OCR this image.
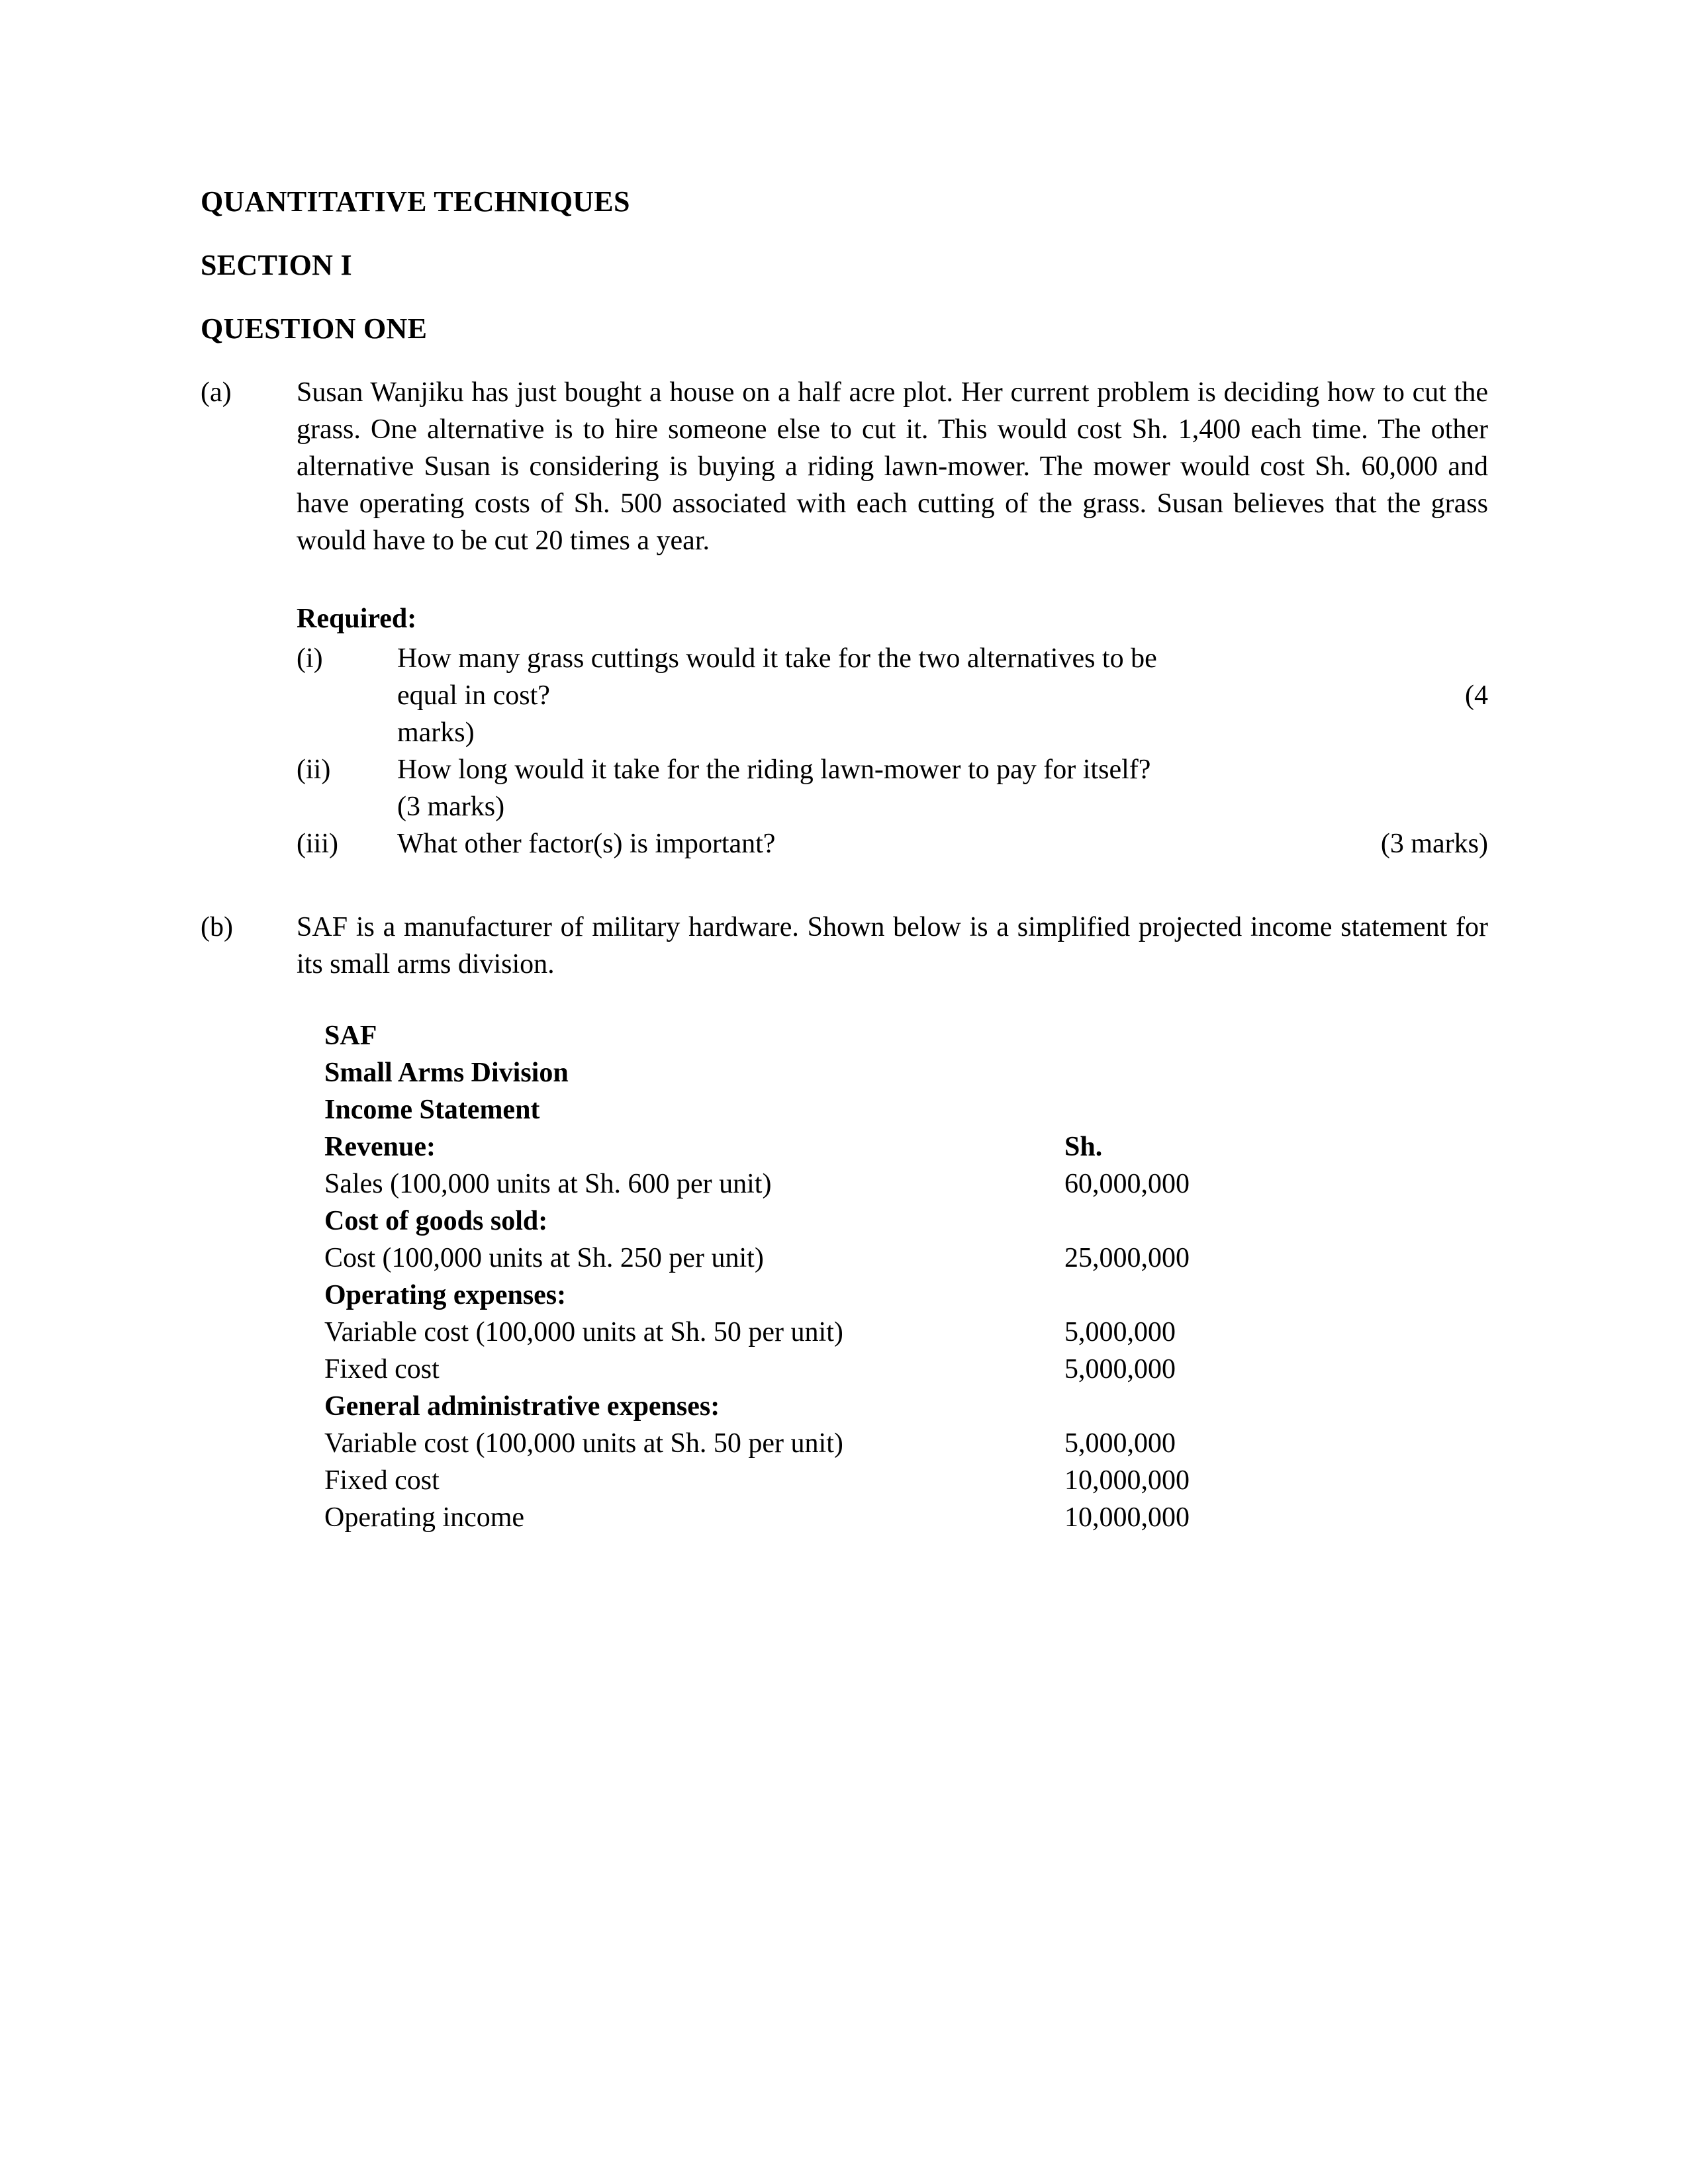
QUANTITATIVE TECHNIQUES
SECTION I
QUESTION ONE
(a)	Susan Wanjiku has just bought a house on a half acre plot. Her current problem is deciding how to cut the grass. One alternative is to hire someone else to cut it. This would cost Sh. 1,400 each time. The other alternative Susan is considering is buying a riding lawn-mower. The mower would cost Sh. 60,000 and have operating costs of Sh. 500 associated with each cutting of the grass. Susan believes that the grass would have to be cut 20 times a year.
Required:
(i)	How many grass cuttings would it take for the two alternatives to be
equal in cost?	(4
marks)
(ii)	How long would it take for the riding lawn-mower to pay for itself?
(3 marks)
(iii)	What other factor(s) is important?	(3 marks)
(b)	SAF is a manufacturer of military hardware. Shown below is a simplified projected income statement for its small arms division.
SAF
Small Arms Division
Income Statement
Revenue:	Sh.
Sales (100,000 units at Sh. 600 per unit)	60,000,000
Cost of goods sold:
Cost (100,000 units at Sh. 250 per unit)	25,000,000
Operating expenses:
Variable cost (100,000 units at Sh. 50 per unit)	5,000,000
Fixed cost	5,000,000
General administrative expenses:
Variable cost (100,000 units at Sh. 50 per unit)	5,000,000
Fixed cost	10,000,000
Operating income	10,000,000
